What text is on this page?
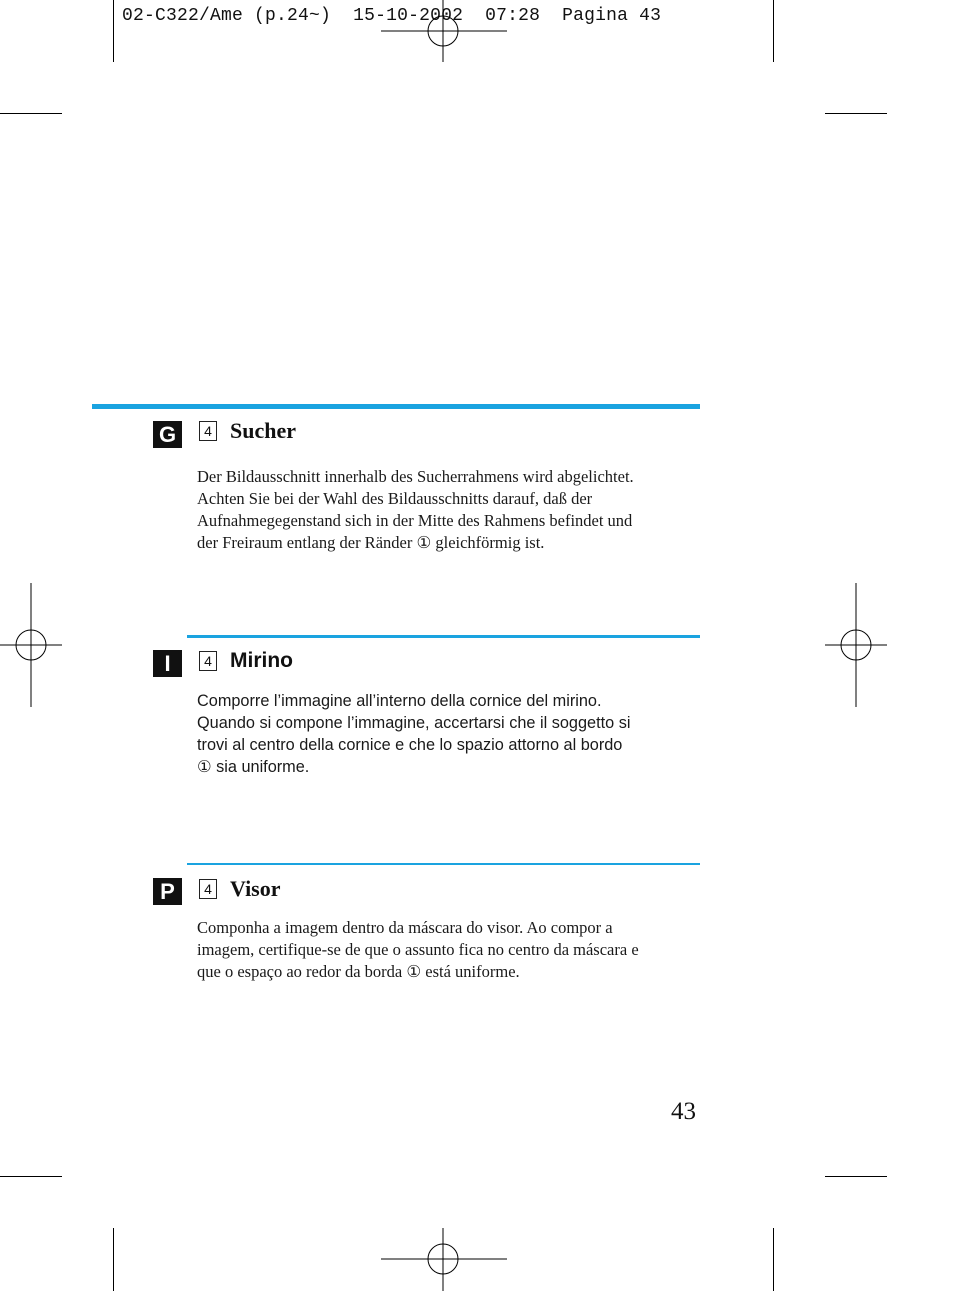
02-C322/Ame (p.24~) 15-10-2002 07:28 Pagina 43
G	4 Sucher

Der Bildausschnitt innerhalb des Sucherrahmens wird abgelichtet.

Achten Sie bei der Wahl des Bildausschnitts darauf, daß der

Aufnahmegegenstand sich in der Mitte des Rahmens befindet und

der Freiraum entlang der Ränder ① gleichförmig ist.

I	4 Mirino

Comporre l’immagine all’interno della cornice del mirino.

Quando si compone l’immagine, accertarsi che il soggetto si

trovi al centro della cornice e che lo spazio attorno al bordo

① sia uniforme.

P	4 Visor

Componha a imagem dentro da máscara do visor. Ao compor a

imagem, certifique-se de que o assunto fica no centro da máscara e

que o espaço ao redor da borda ① está uniforme.

43
